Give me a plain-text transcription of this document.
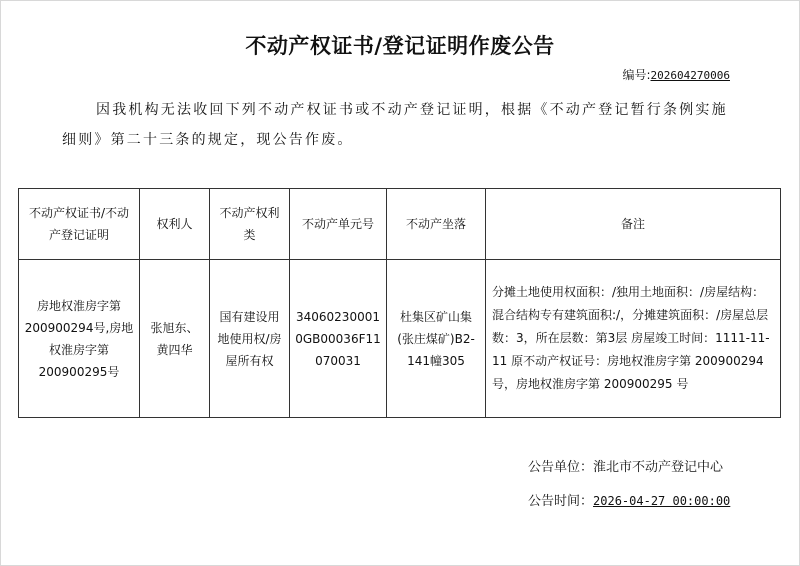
不动产权证书/登记证明作废公告
编号:202604270006
因我机构无法收回下列不动产权证书或不动产登记证明，根据《不动产登记暂行条例实施细则》第二十三条的规定，现公告作废。
不动产权证书/不动产登记证明	权利人	不动产权利类	不动产单元号	不动产坐落	备注
房地权淮房字第200900294号,房地权淮房字第200900295号	张旭东、黄四华	国有建设用地使用权/房屋所有权	340602300010GB00036F11070031	杜集区矿山集(张庄煤矿)B2-141幢305	分摊土地使用权面积：/独用土地面积：/房屋结构：混合结构专有建筑面积:/，分摊建筑面积：/房屋总层数：3，所在层数：第3层 房屋竣工时间：1111-11-11 原不动产权证号：房地权淮房字第 200900294 号，房地权淮房字第 200900295 号
公告单位：淮北市不动产登记中心
公告时间：2026-04-27 00:00:00
